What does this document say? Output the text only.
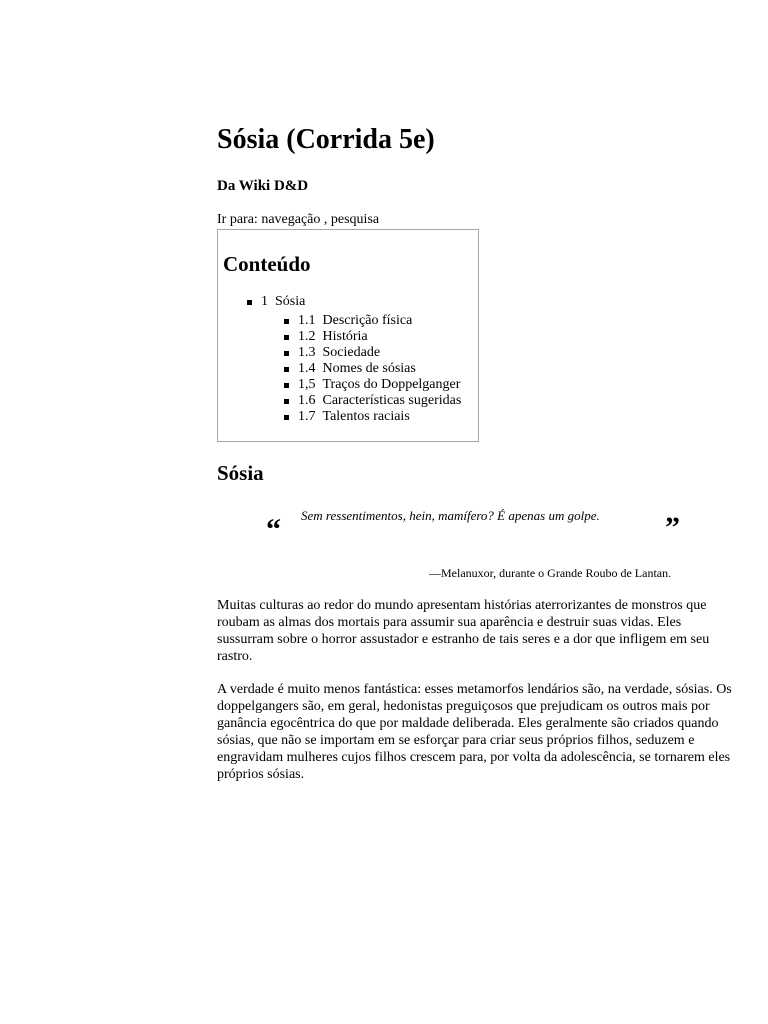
Sósia (Corrida 5e)
Da Wiki D&D
Ir para: navegação , pesquisa
Conteúdo
1 Sósia
1.1 Descrição física
1.2 História
1.3 Sociedade
1.4 Nomes de sósias
1,5 Traços do Doppelganger
1.6 Características sugeridas
1.7 Talentos raciais
Sósia
“ Sem ressentimentos, hein, mamífero? É apenas um golpe. ”
—Melanuxor, durante o Grande Roubo de Lantan.

Muitas culturas ao redor do mundo apresentam histórias aterrorizantes de monstros que roubam as almas dos mortais para assumir sua aparência e destruir suas vidas. Eles sussurram sobre o horror assustador e estranho de tais seres e a dor que infligem em seu rastro.

A verdade é muito menos fantástica: esses metamorfos lendários são, na verdade, sósias. Os doppelgangers são, em geral, hedonistas preguiçosos que prejudicam os outros mais por ganância egocêntrica do que por maldade deliberada. Eles geralmente são criados quando sósias, que não se importam em se esforçar para criar seus próprios filhos, seduzem e engravidam mulheres cujos filhos crescem para, por volta da adolescência, se tornarem eles próprios sósias.
